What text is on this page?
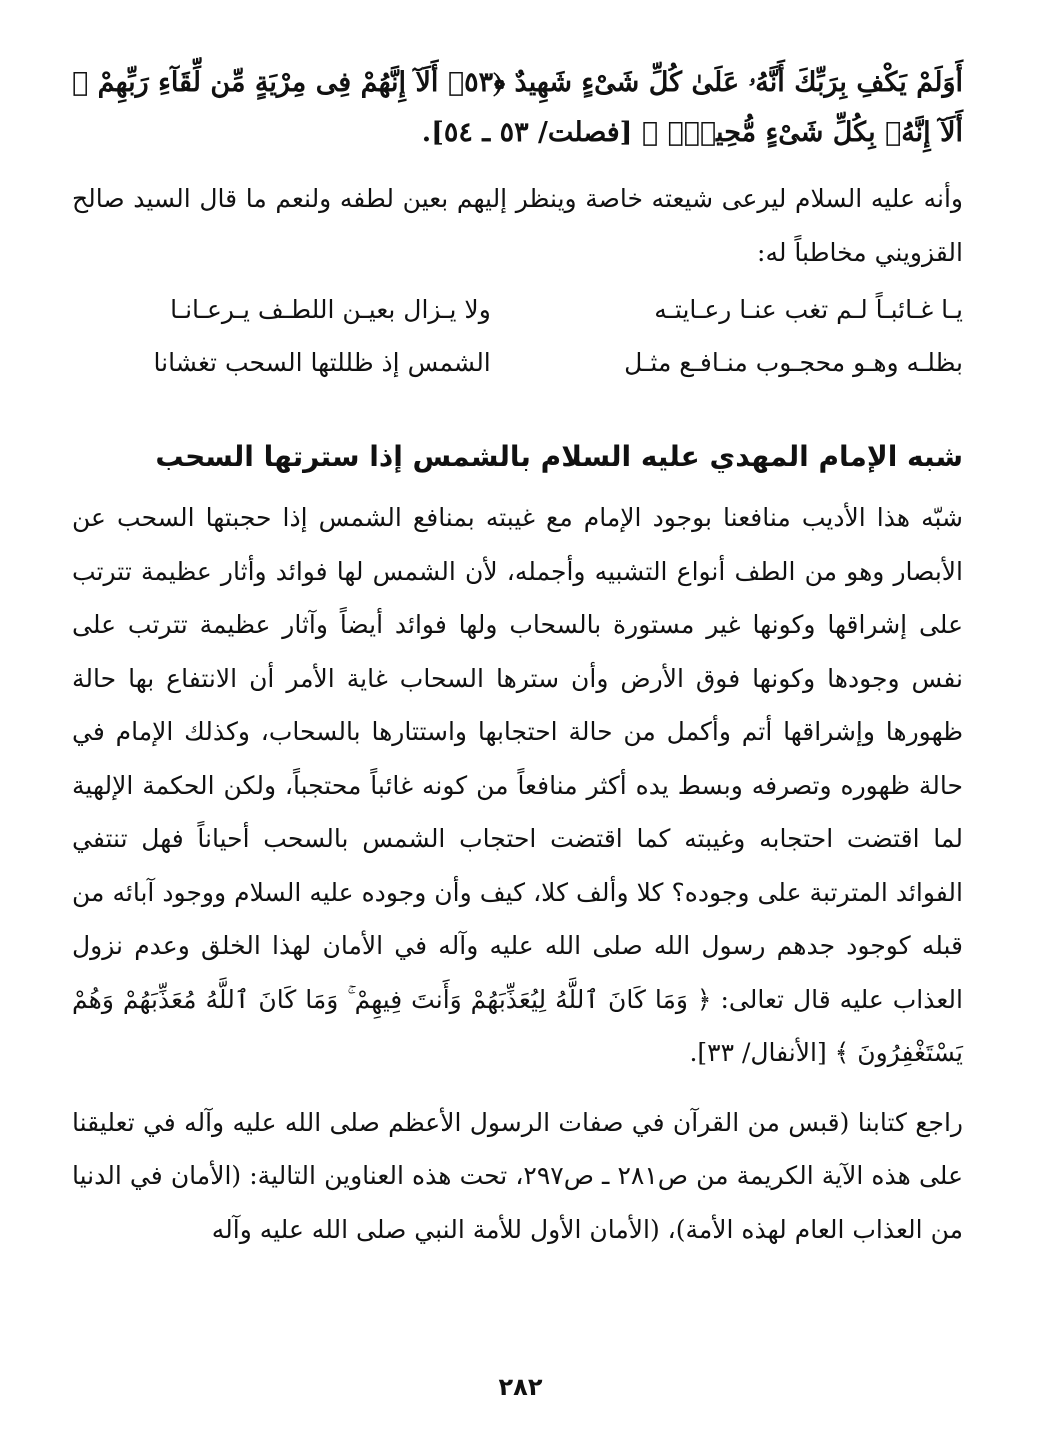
أَوَلَمْ يَكْفِ بِرَبِّكَ أَنَّهُۥ عَلَىٰ كُلِّ شَىْءٍ شَهِيدٌ ﴿٥٣﴾ أَلَآ إِنَّهُمْ فِى مِرْيَةٍ مِّن لِّقَآءِ رَبِّهِمْ ۗ أَلَآ إِنَّهُۥ بِكُلِّ شَىْءٍ مُّحِيطٌۢ ﴾ [فصلت/ ٥٣ ـ ٥٤].

وأنه عليه السلام ليرعى شيعته خاصة وينظر إليهم بعين لطفه ولنعم ما قال السيد صالح القزويني مخاطباً له:

يـا غـائبـاً لـم تغب عنـا رعـايتـه
ولا يـزال بعيـن اللطـف يـرعـانـا
بظلـه وهـو محجـوب منـافـع مثـل
الشمس إذ ظللتها السحب تغشانا
شبه الإمام المهدي عليه السلام بالشمس إذا سترتها السحب

شبّه هذا الأديب منافعنا بوجود الإمام مع غيبته بمنافع الشمس إذا حجبتها السحب عن الأبصار وهو من الطف أنواع التشبيه وأجمله، لأن الشمس لها فوائد وأثار عظيمة تترتب على إشراقها وكونها غير مستورة بالسحاب ولها فوائد أيضاً وآثار عظيمة تترتب على نفس وجودها وكونها فوق الأرض وأن سترها السحاب غاية الأمر أن الانتفاع بها حالة ظهورها وإشراقها أتم وأكمل من حالة احتجابها واستتارها بالسحاب، وكذلك الإمام في حالة ظهوره وتصرفه وبسط يده أكثر منافعاً من كونه غائباً محتجباً، ولكن الحكمة الإلهية لما اقتضت احتجابه وغيبته كما اقتضت احتجاب الشمس بالسحب أحياناً فهل تنتفي الفوائد المترتبة على وجوده؟ كلا وألف كلا، كيف وأن وجوده عليه السلام ووجود آبائه من قبله كوجود جدهم رسول الله صلى الله عليه وآله في الأمان لهذا الخلق وعدم نزول العذاب عليه قال تعالى: ﴿ وَمَا كَانَ ٱللَّهُ لِيُعَذِّبَهُمْ وَأَنتَ فِيهِمْ ۚ وَمَا كَانَ ٱللَّهُ مُعَذِّبَهُمْ وَهُمْ يَسْتَغْفِرُونَ ﴾ [الأنفال/ ٣٣].

راجع كتابنا (قبس من القرآن في صفات الرسول الأعظم صلى الله عليه وآله في تعليقنا على هذه الآية الكريمة من ص٢٨١ ـ ص٢٩٧، تحت هذه العناوين التالية: (الأمان في الدنيا من العذاب العام لهذه الأمة)، (الأمان الأول للأمة النبي صلى الله عليه وآله

٢٨٢
